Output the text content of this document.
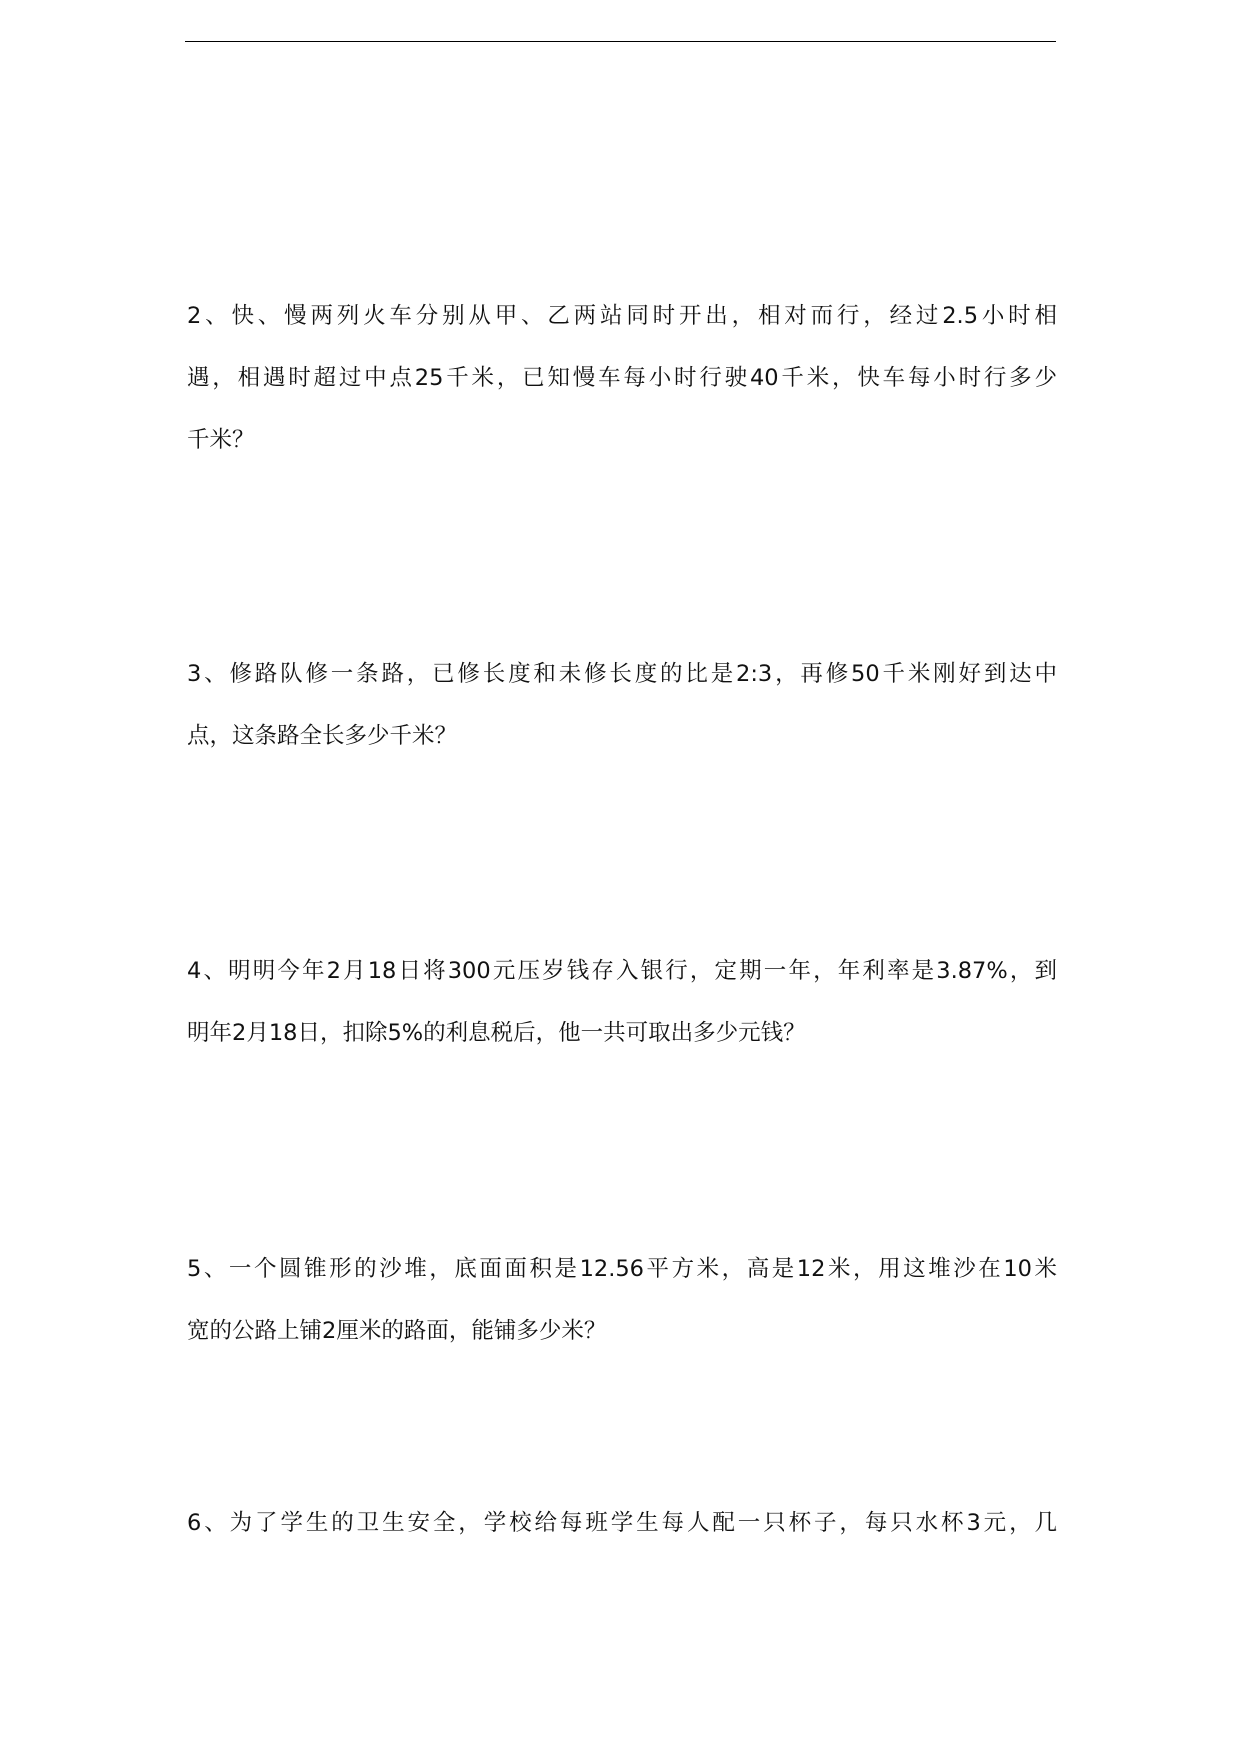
2、快、慢两列火车分别从甲、乙两站同时开出，相对而行，经过2.5小时相
遇，相遇时超过中点25千米，已知慢车每小时行驶40千米，快车每小时行多少
千米？
3、修路队修一条路，已修长度和未修长度的比是2:3，再修50千米刚好到达中
点，这条路全长多少千米？
4、明明今年2月18日将300元压岁钱存入银行，定期一年，年利率是3.87%，到
明年2月18日，扣除5%的利息税后，他一共可取出多少元钱？
5、一个圆锥形的沙堆，底面面积是12.56平方米，高是12米，用这堆沙在10米
宽的公路上铺2厘米的路面，能铺多少米？
6、为了学生的卫生安全，学校给每班学生每人配一只杯子，每只水杯3元，几
